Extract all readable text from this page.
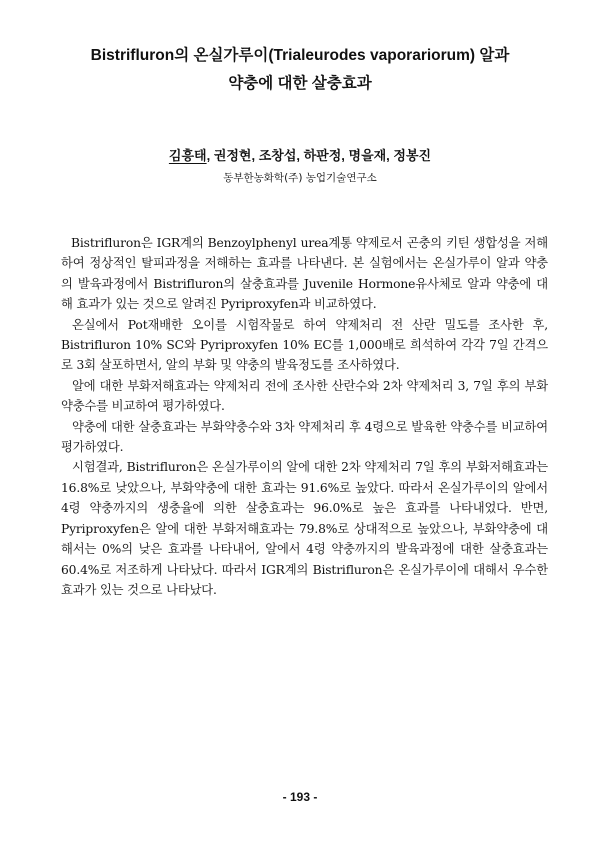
Bistrifluron의 온실가루이(Trialeurodes vaporariorum) 알과
약충에 대한 살충효과
김흥태, 권정현, 조창섭, 하판정, 명을재, 정봉진
동부한농화학(주) 농업기술연구소

Bistrifluron은 IGR계의 Benzoylphenyl urea계통 약제로서 곤충의 키틴 생합성을 저해하여 정상적인 탈피과정을 저해하는 효과를 나타낸다. 본 실험에서는 온실가루이 알과 약충의 발육과정에서 Bistrifluron의 살충효과를 Juvenile Hormone유사체로 알과 약충에 대해 효과가 있는 것으로 알려진 Pyriproxyfen과 비교하였다.

온실에서 Pot재배한 오이를 시험작물로 하여 약제처리 전 산란 밀도를 조사한 후, Bistrifluron 10% SC와 Pyriproxyfen 10% EC를 1,000배로 희석하여 각각 7일 간격으로 3회 살포하면서, 알의 부화 및 약충의 발육정도를 조사하였다.

알에 대한 부화저해효과는 약제처리 전에 조사한 산란수와 2차 약제처리 3, 7일 후의 부화약충수를 비교하여 평가하였다.

약충에 대한 살충효과는 부화약충수와 3차 약제처리 후 4령으로 발육한 약충수를 비교하여 평가하였다.

시험결과, Bistrifluron은 온실가루이의 알에 대한 2차 약제처리 7일 후의 부화저해효과는 16.8%로 낮았으나, 부화약충에 대한 효과는 91.6%로 높았다. 따라서 온실가루이의 알에서 4령 약충까지의 생충율에 의한 살충효과는 96.0%로 높은 효과를 나타내었다. 반면, Pyriproxyfen은 알에 대한 부화저해효과는 79.8%로 상대적으로 높았으나, 부화약충에 대해서는 0%의 낮은 효과를 나타내어, 알에서 4령 약충까지의 발육과정에 대한 살충효과는 60.4%로 저조하게 나타났다. 따라서 IGR계의 Bistrifluron은 온실가루이에 대해서 우수한 효과가 있는 것으로 나타났다.

- 193 -
